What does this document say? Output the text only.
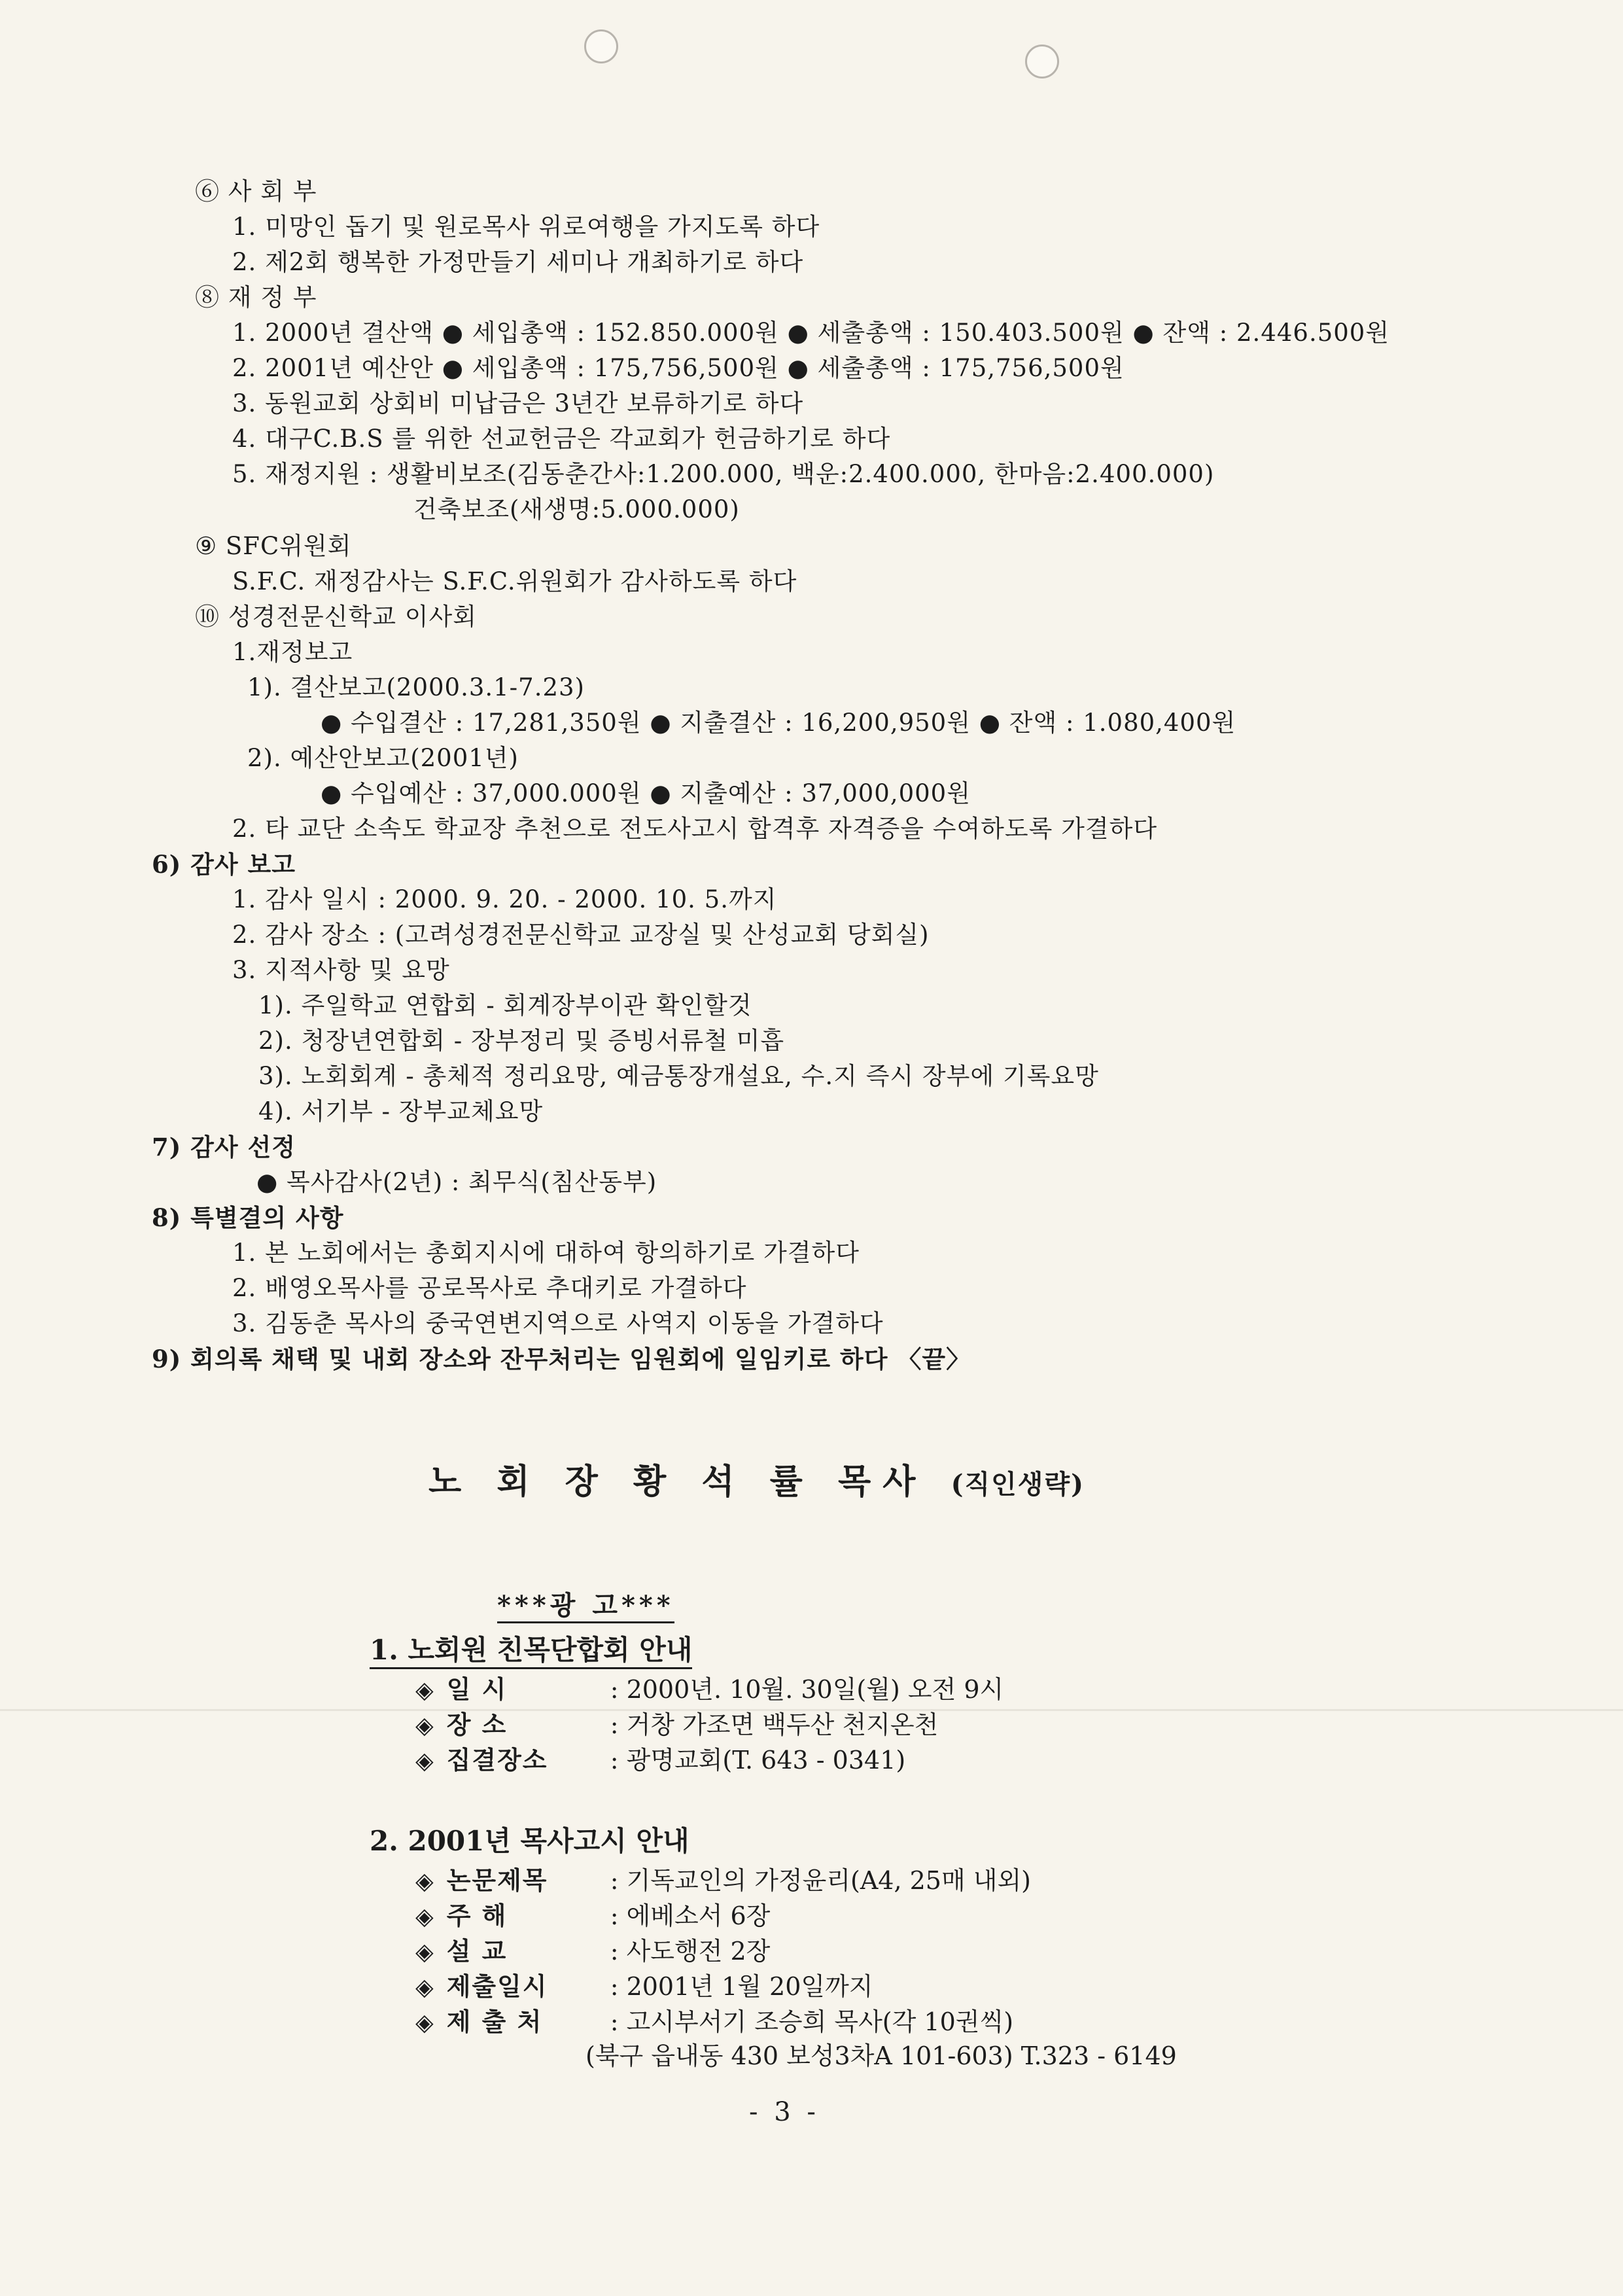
⑥ 사 회 부
1. 미망인 돕기 및 원로목사 위로여행을 가지도록 하다
2. 제2회 행복한 가정만들기 세미나 개최하기로 하다
⑧ 재 정 부
1. 2000년 결산액 ● 세입총액 : 152.850.000원 ● 세출총액 : 150.403.500원 ● 잔액 : 2.446.500원
2. 2001년 예산안 ● 세입총액 : 175,756,500원 ● 세출총액 : 175,756,500원
3. 동원교회 상회비 미납금은 3년간 보류하기로 하다
4. 대구C.B.S 를 위한 선교헌금은 각교회가 헌금하기로 하다
5. 재정지원 : 생활비보조(김동춘간사:1.200.000, 백운:2.400.000, 한마음:2.400.000)
건축보조(새생명:5.000.000)
⑨ SFC위원회
S.F.C. 재정감사는 S.F.C.위원회가 감사하도록 하다
⑩ 성경전문신학교 이사회
1.재정보고
1). 결산보고(2000.3.1-7.23)
● 수입결산 : 17,281,350원 ● 지출결산 : 16,200,950원 ● 잔액 : 1.080,400원
2). 예산안보고(2001년)
● 수입예산 : 37,000.000원 ● 지출예산 : 37,000,000원
2. 타 교단 소속도 학교장 추천으로 전도사고시 합격후 자격증을 수여하도록 가결하다
6) 감사 보고
1. 감사 일시 : 2000. 9. 20. - 2000. 10. 5.까지
2. 감사 장소 : (고려성경전문신학교 교장실 및 산성교회 당회실)
3. 지적사항 및 요망
1). 주일학교 연합회 - 회계장부이관 확인할것
2). 청장년연합회 - 장부정리 및 증빙서류철 미흡
3). 노회회계 - 총체적 정리요망, 예금통장개설요, 수.지 즉시 장부에 기록요망
4). 서기부 - 장부교체요망
7) 감사 선정
● 목사감사(2년) : 최무식(침산동부)
8) 특별결의 사항
1. 본 노회에서는 총회지시에 대하여 항의하기로 가결하다
2. 배영오목사를 공로목사로 추대키로 가결하다
3. 김동춘 목사의 중국연변지역으로 사역지 이동을 가결하다
9) 회의록 채택 및 내회 장소와 잔무처리는 임원회에 일임키로 하다 〈끝〉
노 회 장 황 석 률 목사 (직인생략)
***광 고***
1. 노회원 친목단합회 안내
◈ 일 시	: 2000년. 10월. 30일(월) 오전 9시
◈ 장 소	: 거창 가조면 백두산 천지온천
◈ 집결장소	: 광명교회(T. 643 - 0341)
2. 2001년 목사고시 안내
◈ 논문제목	: 기독교인의 가정윤리(A4, 25매 내외)
◈ 주 해	: 에베소서 6장
◈ 설 교	: 사도행전 2장
◈ 제출일시	: 2001년 1월 20일까지
◈ 제 출 처	: 고시부서기 조승희 목사(각 10권씩)
(북구 읍내동 430 보성3차A 101-603) T.323 - 6149
- 3 -
